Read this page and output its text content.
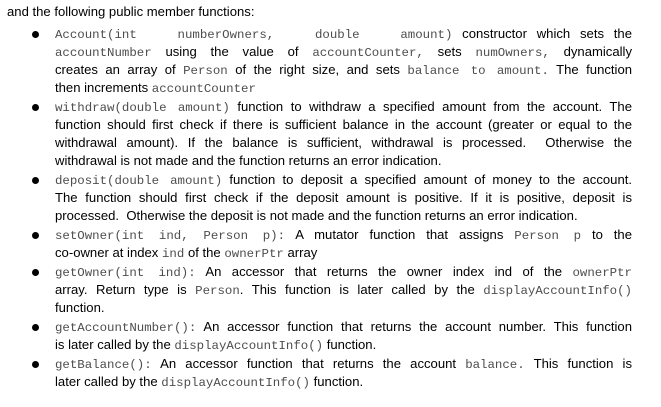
and the following public member functions:
Account(int   numberOwners,   double   amount) constructor which sets the
accountNumber using the value of accountCounter, sets numOwners, dynamically
creates an array of Person of the right size, and sets balance to amount. The function
then increments accountCounter
withdraw(double amount) function to withdraw a specified amount from the account. The
function should first check if there is sufficient balance in the account (greater or equal to the
withdrawal amount). If the balance is sufficient, withdrawal is processed.  Otherwise the
withdrawal is not made and the function returns an error indication.
deposit(double amount) function to deposit a specified amount of money to the account.
The function should first check if the deposit amount is positive. If it is positive, deposit is
processed.  Otherwise the deposit is not made and the function returns an error indication.
setOwner(int ind, Person p): A mutator function that assigns Person p to the
co-owner at index ind of the ownerPtr array
getOwner(int ind): An accessor that returns the owner index ind of the ownerPtr
array. Return type is Person. This function is later called by the displayAccountInfo()
function.
getAccountNumber(): An accessor function that returns the account number. This function
is later called by the displayAccountInfo() function.
getBalance(): An accessor function that returns the account balance. This function is
later called by the displayAccountInfo() function.
